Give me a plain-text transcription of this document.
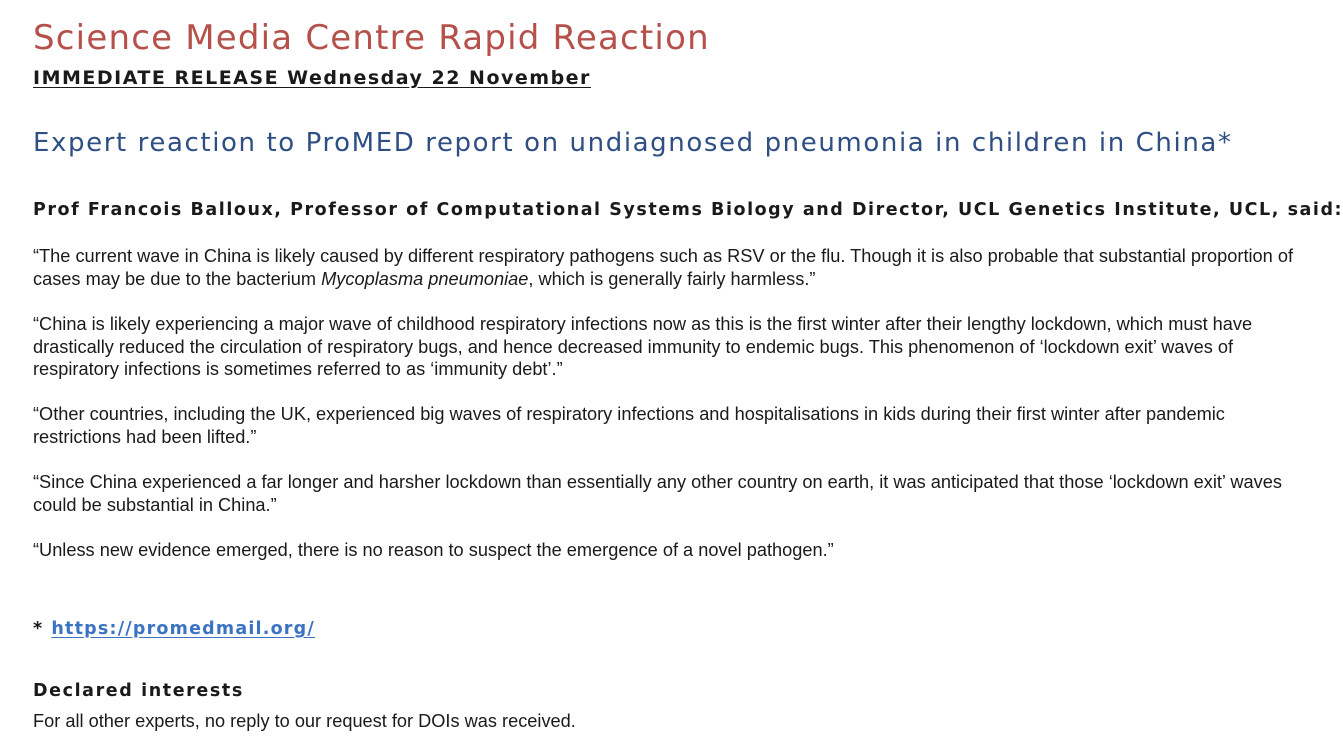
Science Media Centre Rapid Reaction
IMMEDIATE RELEASE Wednesday 22 November
Expert reaction to ProMED report on undiagnosed pneumonia in children in China*
Prof Francois Balloux, Professor of Computational Systems Biology and Director, UCL Genetics Institute, UCL, said:
“The current wave in China is likely caused by different respiratory pathogens such as RSV or the flu. Though it is also probable that substantial proportion of
cases may be due to the bacterium Mycoplasma pneumoniae, which is generally fairly harmless.”
“China is likely experiencing a major wave of childhood respiratory infections now as this is the first winter after their lengthy lockdown, which must have
drastically reduced the circulation of respiratory bugs, and hence decreased immunity to endemic bugs. This phenomenon of ‘lockdown exit’ waves of
respiratory infections is sometimes referred to as ‘immunity debt’.”
“Other countries, including the UK, experienced big waves of respiratory infections and hospitalisations in kids during their first winter after pandemic
restrictions had been lifted.”
“Since China experienced a far longer and harsher lockdown than essentially any other country on earth, it was anticipated that those ‘lockdown exit’ waves
could be substantial in China.”
“Unless new evidence emerged, there is no reason to suspect the emergence of a novel pathogen.”
* https://promedmail.org/
Declared interests
For all other experts, no reply to our request for DOIs was received.
